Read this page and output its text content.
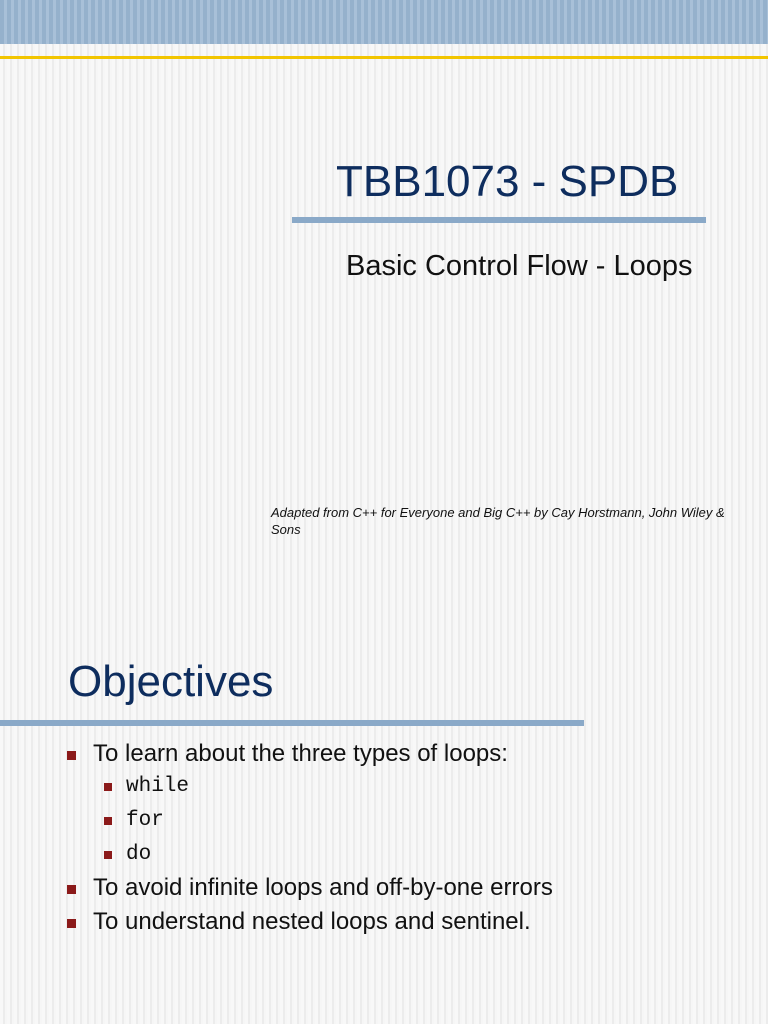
TBB1073 - SPDB
Basic Control Flow - Loops
Adapted from C++ for Everyone and Big C++ by Cay Horstmann, John Wiley & Sons
Objectives
To learn about the three types of loops:
while
for
do
To avoid infinite loops and off-by-one errors
To understand nested loops and sentinel.
